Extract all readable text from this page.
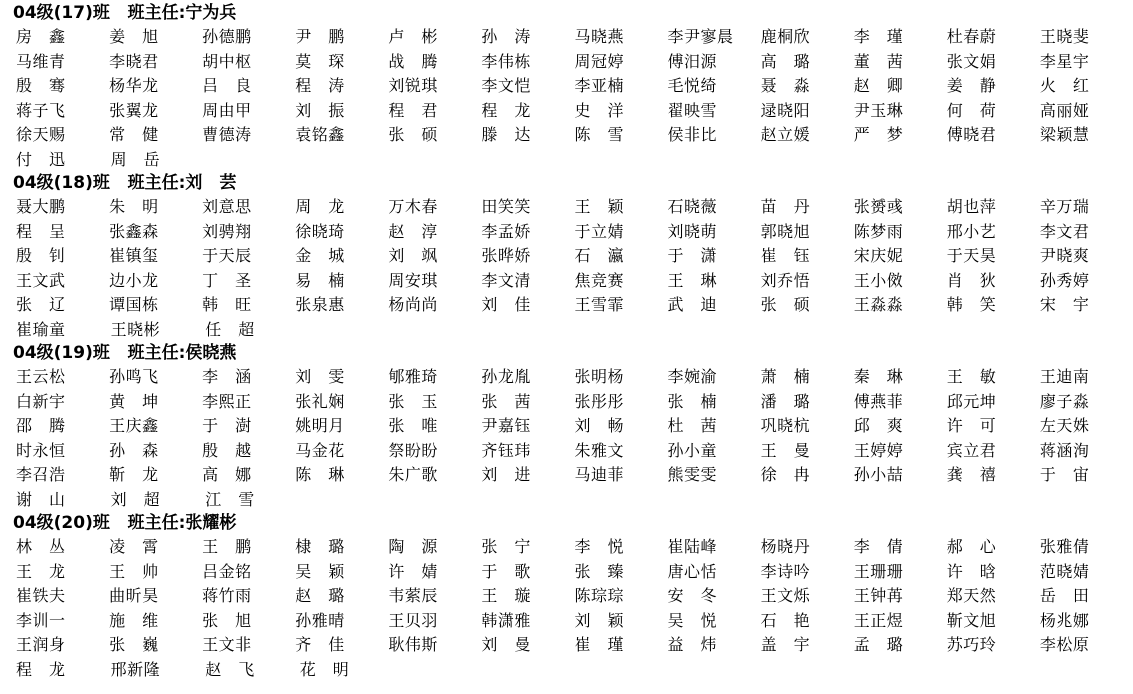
04级(17)班   班主任:宁为兵
房　鑫	姜　旭	孙德鹏	尹　鹏	卢　彬	孙　涛	马晓燕	李尹寥晨	鹿桐欣	李　瑾	杜春蔚	王晓斐
马维青	李晓君	胡中枢	莫　琛	战　腾	李伟栋	周冠婷	傅汨源	高　璐	董　茜	张文娟	李星宇
殷　骞	杨华龙	吕　良	程　涛	刘锐琪	李文恺	李亚楠	毛悦绮	聂　淼	赵　卿	姜　静	火　红
蒋子飞	张翼龙	周由甲	刘　振	程　君	程　龙	史　洋	翟映雪	逯晓阳	尹玉琳	何　荷	高丽娅
徐天赐	常　健	曹德涛	袁铭鑫	张　硕	滕　达	陈　雪	侯非比	赵立媛	严　梦	傅晓君	梁颖慧
付　迅	周　岳
04级(18)班   班主任:刘　芸
聂大鹏	朱　明	刘意思	周　龙	万木春	田笑笑	王　颖	石晓薇	苗　丹	张赟彧	胡也萍	辛万瑞
程　呈	张鑫森	刘骋翔	徐晓琦	赵　淳	李孟娇	于立婧	刘晓萌	郭晓旭	陈梦雨	邢小艺	李文君
殷　钊	崔镇玺	于天辰	金　城	刘　飒	张晔娇	石　瀛	于　潇	崔　钰	宋庆妮	于天昊	尹晓爽
王文武	边小龙	丁　圣	易　楠	周安琪	李文清	焦竞赛	王　琳	刘乔悟	王小傚	肖　狄	孙秀婷
张　辽	谭国栋	韩　旺	张泉惠	杨尚尚	刘　佳	王雪霏	武　迪	张　硕	王淼淼	韩　笑	宋　宇
崔瑜童	王晓彬	任　超
04级(19)班   班主任:侯晓燕
王云松	孙鸣飞	李　涵	刘　雯	郇雅琦	孙龙胤	张明杨	李婉渝	萧　楠	秦　琳	王　敏	王迪南
白新宇	黄　坤	李熙正	张礼娴	张　玉	张　茜	张彤彤	张　楠	潘　璐	傅燕菲	邱元坤	廖子淼
邵　腾	王庆鑫	于　澍	姚明月	张　唯	尹嘉钰	刘　畅	杜　茜	巩晓杭	邱　爽	许　可	左天姝
时永恒	孙　森	殷　越	马金花	祭盼盼	齐钰玮	朱雅文	孙小童	王　曼	王婷婷	宾立君	蒋涵洵
李召浩	靳　龙	高　娜	陈　琳	朱广歌	刘　进	马迪菲	熊雯雯	徐　冉	孙小喆	龚　禧	于　宙
谢　山	刘　超	江　雪
04级(20)班   班主任:张耀彬
林　丛	凌　霄	王　鹏	棣　璐	陶　源	张　宁	李　悦	崔陆峰	杨晓丹	李　倩	郝　心	张雅倩
王　龙	王　帅	吕金铭	吴　颖	许　婧	于　歌	张　臻	唐心恬	李诗吟	王珊珊	许　晗	范晓婧
崔铁夫	曲昕昊	蒋竹雨	赵　璐	韦萦辰	王　璇	陈琮琮	安　冬	王文烁	王钟苒	郑天然	岳　田
李训一	施　维	张　旭	孙雅晴	王贝羽	韩潇雅	刘　颖	吴　悦	石　艳	王正煜	靳文旭	杨兆娜
王润身	张　巍	王文非	齐　佳	耿伟斯	刘　曼	崔　瑾	益　炜	盖　宇	孟　璐	苏巧玲	李松原
程　龙	邢新隆	赵　飞	花　明
